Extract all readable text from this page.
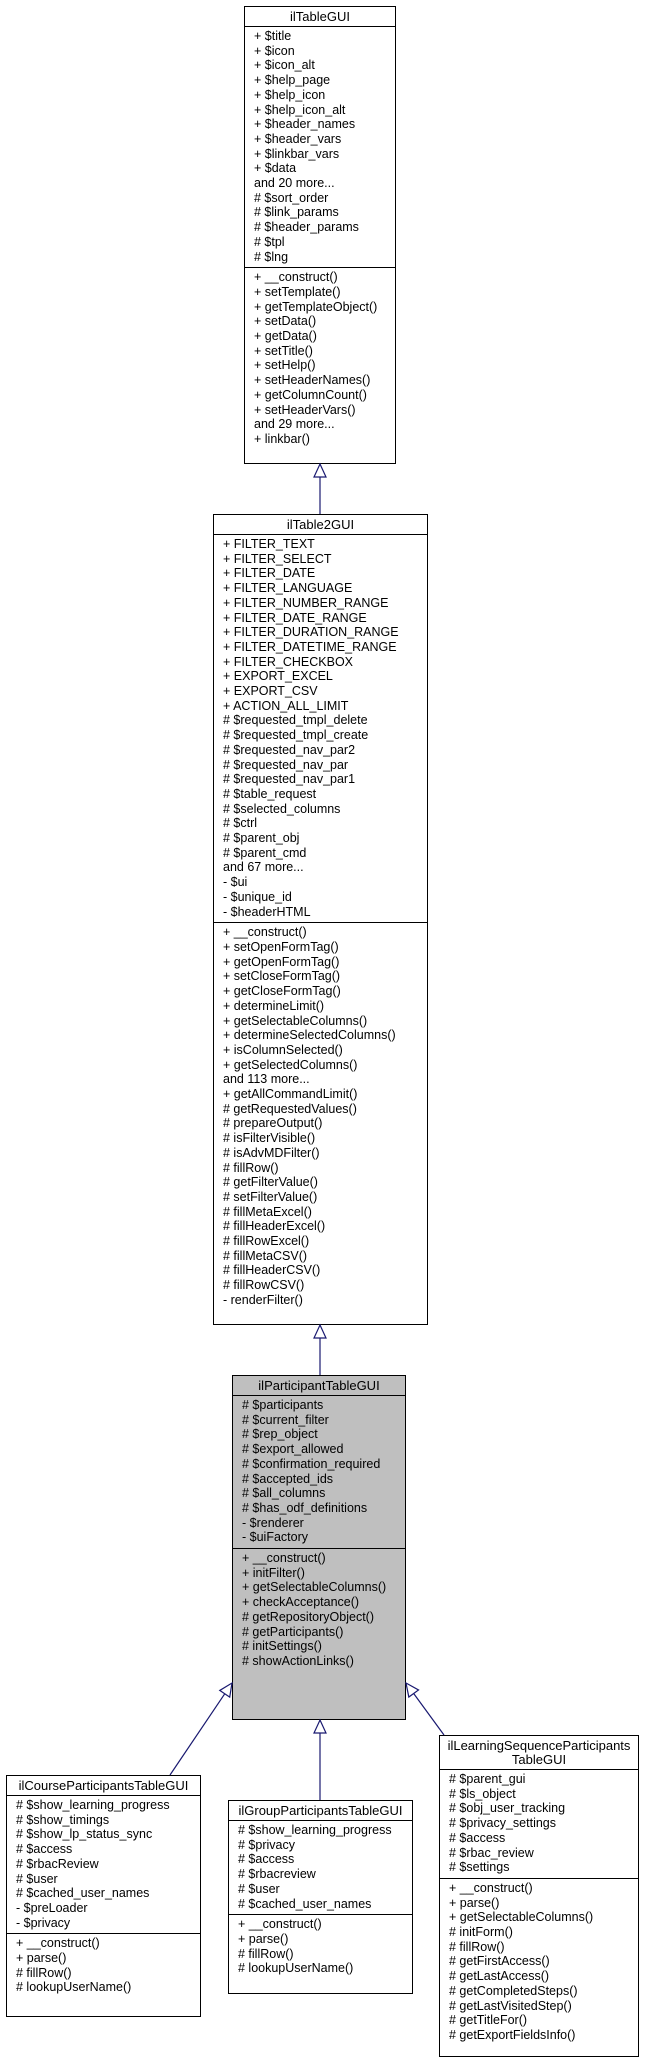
ilTableGUI
+ $title
+ $icon
+ $icon_alt
+ $help_page
+ $help_icon
+ $help_icon_alt
+ $header_names
+ $header_vars
+ $linkbar_vars
+ $data
and 20 more...
# $sort_order
# $link_params
# $header_params
# $tpl
# $lng
+ __construct()
+ setTemplate()
+ getTemplateObject()
+ setData()
+ getData()
+ setTitle()
+ setHelp()
+ setHeaderNames()
+ getColumnCount()
+ setHeaderVars()
and 29 more...
+ linkbar()
ilTable2GUI
+ FILTER_TEXT
+ FILTER_SELECT
+ FILTER_DATE
+ FILTER_LANGUAGE
+ FILTER_NUMBER_RANGE
+ FILTER_DATE_RANGE
+ FILTER_DURATION_RANGE
+ FILTER_DATETIME_RANGE
+ FILTER_CHECKBOX
+ EXPORT_EXCEL
+ EXPORT_CSV
+ ACTION_ALL_LIMIT
# $requested_tmpl_delete
# $requested_tmpl_create
# $requested_nav_par2
# $requested_nav_par
# $requested_nav_par1
# $table_request
# $selected_columns
# $ctrl
# $parent_obj
# $parent_cmd
and 67 more...
- $ui
- $unique_id
- $headerHTML
+ __construct()
+ setOpenFormTag()
+ getOpenFormTag()
+ setCloseFormTag()
+ getCloseFormTag()
+ determineLimit()
+ getSelectableColumns()
+ determineSelectedColumns()
+ isColumnSelected()
+ getSelectedColumns()
and 113 more...
+ getAllCommandLimit()
# getRequestedValues()
# prepareOutput()
# isFilterVisible()
# isAdvMDFilter()
# fillRow()
# getFilterValue()
# setFilterValue()
# fillMetaExcel()
# fillHeaderExcel()
# fillRowExcel()
# fillMetaCSV()
# fillHeaderCSV()
# fillRowCSV()
- renderFilter()
ilParticipantTableGUI
# $participants
# $current_filter
# $rep_object
# $export_allowed
# $confirmation_required
# $accepted_ids
# $all_columns
# $has_odf_definitions
- $renderer
- $uiFactory
+ __construct()
+ initFilter()
+ getSelectableColumns()
+ checkAcceptance()
# getRepositoryObject()
# getParticipants()
# initSettings()
# showActionLinks()
ilCourseParticipantsTableGUI
# $show_learning_progress
# $show_timings
# $show_lp_status_sync
# $access
# $rbacReview
# $user
# $cached_user_names
- $preLoader
- $privacy
+ __construct()
+ parse()
# fillRow()
# lookupUserName()
ilGroupParticipantsTableGUI
# $show_learning_progress
# $privacy
# $access
# $rbacreview
# $user
# $cached_user_names
+ __construct()
+ parse()
# fillRow()
# lookupUserName()
ilLearningSequenceParticipants
TableGUI
# $parent_gui
# $ls_object
# $obj_user_tracking
# $privacy_settings
# $access
# $rbac_review
# $settings
+ __construct()
+ parse()
+ getSelectableColumns()
# initForm()
# fillRow()
# getFirstAccess()
# getLastAccess()
# getCompletedSteps()
# getLastVisitedStep()
# getTitleFor()
# getExportFieldsInfo()
